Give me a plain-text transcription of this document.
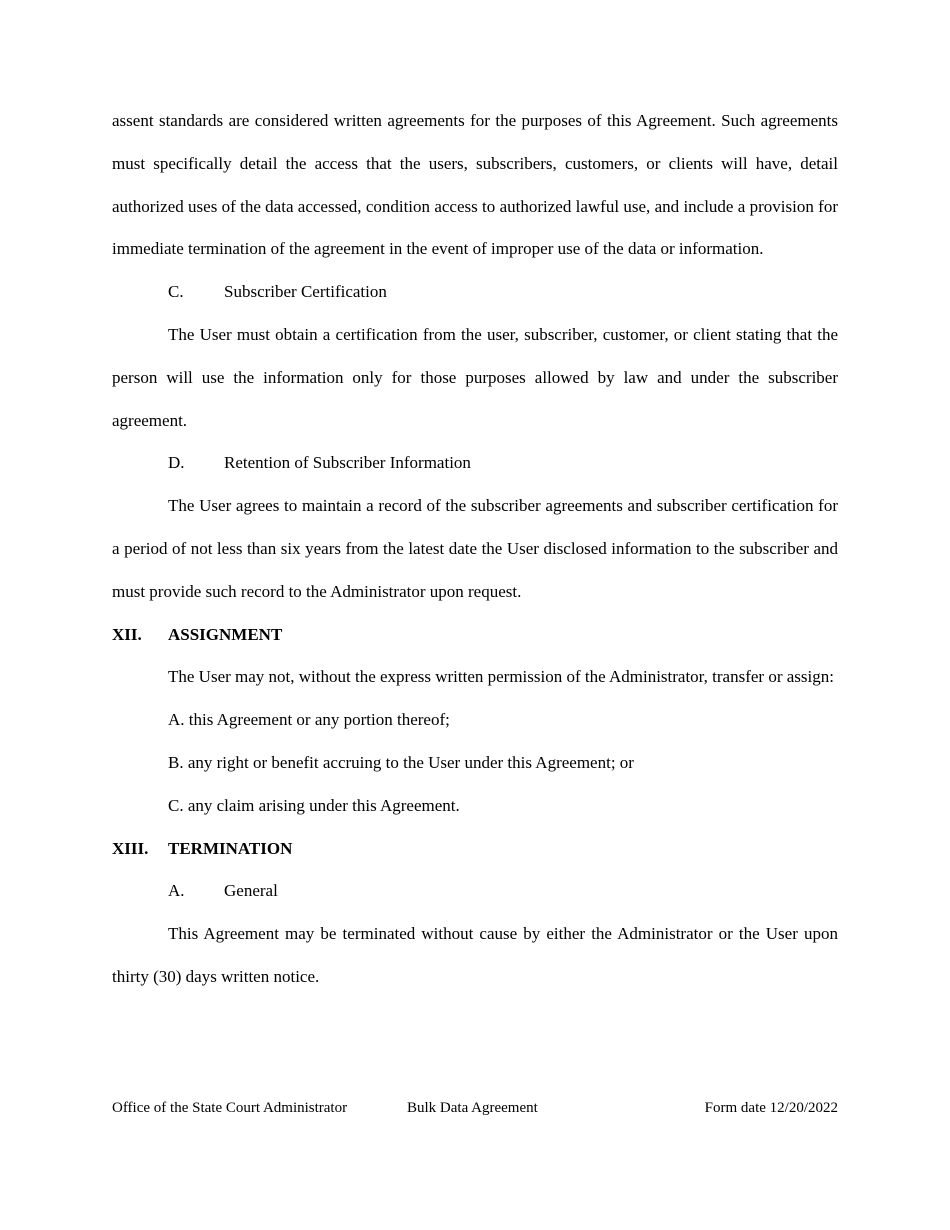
assent standards are considered written agreements for the purposes of this Agreement. Such agreements must specifically detail the access that the users, subscribers, customers, or clients will have, detail authorized uses of the data accessed, condition access to authorized lawful use, and include a provision for immediate termination of the agreement in the event of improper use of the data or information.

C. Subscriber Certification

The User must obtain a certification from the user, subscriber, customer, or client stating that the person will use the information only for those purposes allowed by law and under the subscriber agreement.

D. Retention of Subscriber Information

The User agrees to maintain a record of the subscriber agreements and subscriber certification for a period of not less than six years from the latest date the User disclosed information to the subscriber and must provide such record to the Administrator upon request.

XII. ASSIGNMENT

The User may not, without the express written permission of the Administrator, transfer or assign:

A. this Agreement or any portion thereof;
B. any right or benefit accruing to the User under this Agreement; or
C. any claim arising under this Agreement.
XIII. TERMINATION
A. General

This Agreement may be terminated without cause by either the Administrator or the User upon thirty (30) days written notice.

Office of the State Court Administrator	Bulk Data Agreement	Form date 12/20/2022
